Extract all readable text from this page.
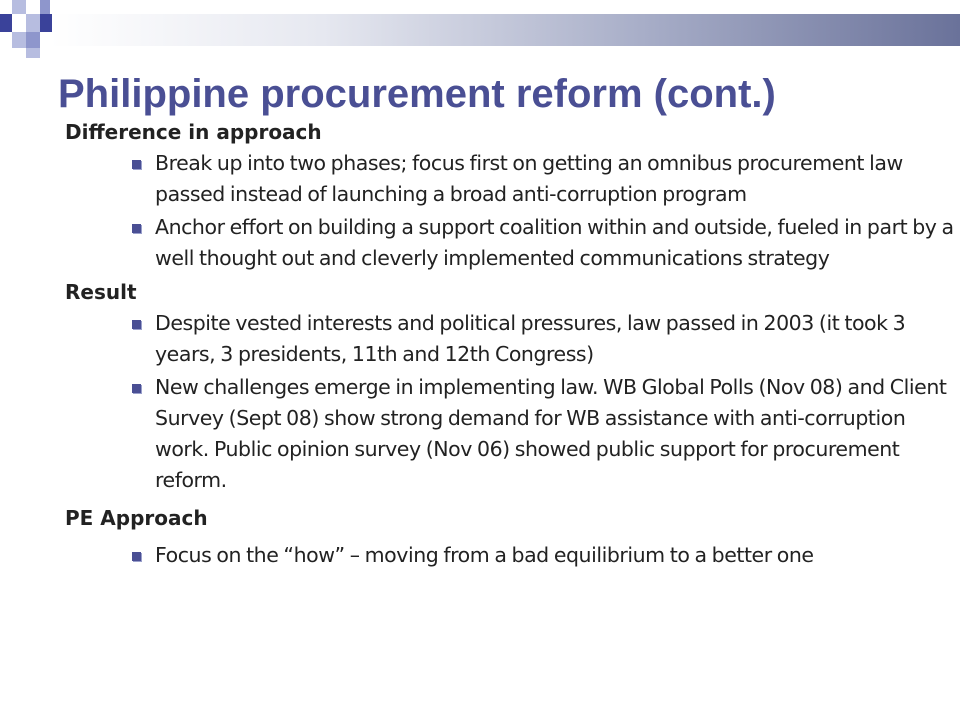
Philippine procurement reform (cont.)

Difference in approach

Break up into two phases; focus first on getting an omnibus procurement law passed instead of launching a broad anti-corruption program
Anchor effort on building a support coalition within and outside, fueled in part by a well thought out and cleverly implemented communications strategy

Result

Despite vested interests and political pressures, law passed in 2003 (it took 3 years, 3 presidents, 11th and 12th Congress)
New challenges emerge in implementing law. WB Global Polls (Nov 08) and Client Survey (Sept 08) show strong demand for WB assistance with anti-corruption work. Public opinion survey (Nov 06) showed public support for procurement reform.

PE Approach

Focus on the “how” – moving from a bad equilibrium to a better one
